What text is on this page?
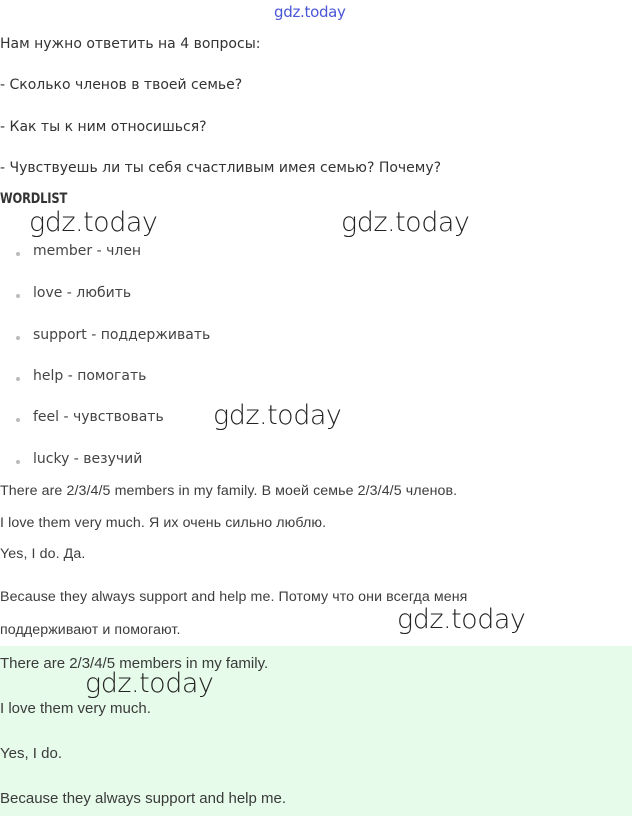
gdz.today
Нам нужно ответить на 4 вопросы:
- Сколько членов в твоей семье?
- Как ты к ним относишься?
- Чувствуешь ли ты себя счастливым имея семью? Почему?
WORDLIST
member - член
love - любить
support - поддерживать
help - помогать
feel - чувствовать
lucky - везучий
There are 2/3/4/5 members in my family. В моей семье 2/3/4/5 членов.
I love them very much. Я их очень сильно люблю.
Yes, I do. Да.
Because they always support and help me. Потому что они всегда меня
поддерживают и помогают.
There are 2/3/4/5 members in my family.
I love them very much.
Yes, I do.
Because they always support and help me.
gdz.today	gdz.today
gdz.today
gdz.today
gdz.today
